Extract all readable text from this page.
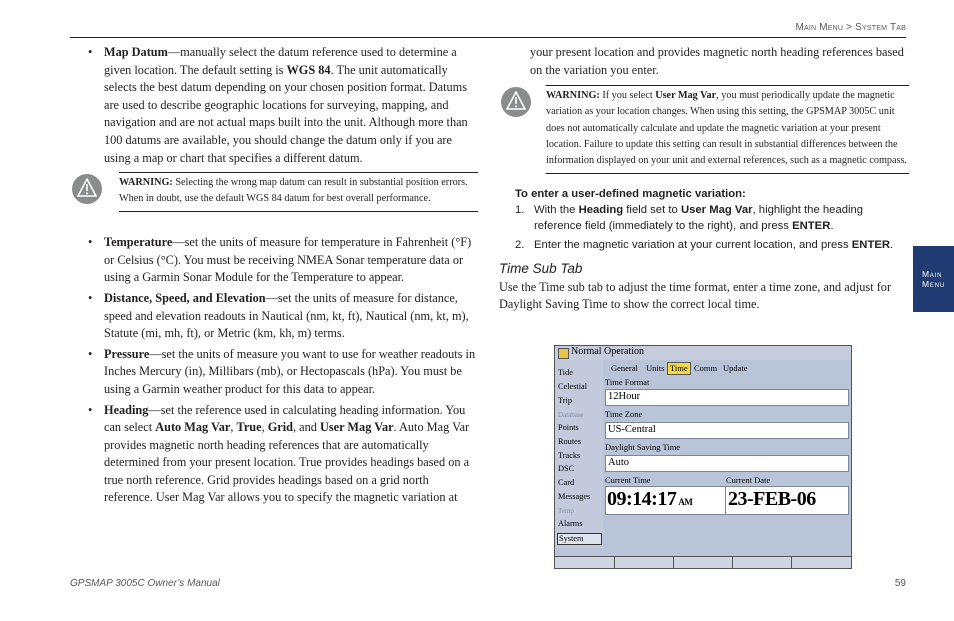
Main Menu > System Tab
• Map Datum—manually select the datum reference used to determine a given location. The default setting is WGS 84. The unit automatically selects the best datum depending on your chosen position format. Datums are used to describe geographic locations for surveying, mapping, and navigation and are not actual maps built into the unit. Although more than 100 datums are available, you should change the datum only if you are using a map or chart that specifies a different datum.
WARNING: Selecting the wrong map datum can result in substantial position errors. When in doubt, use the default WGS 84 datum for best overall performance.
• Temperature—set the units of measure for temperature in Fahrenheit (°F) or Celsius (°C). You must be receiving NMEA Sonar temperature data or using a Garmin Sonar Module for the Temperature to appear.
• Distance, Speed, and Elevation—set the units of measure for distance, speed and elevation readouts in Nautical (nm, kt, ft), Nautical (nm, kt, m), Statute (mi, mh, ft), or Metric (km, kh, m) terms.
• Pressure—set the units of measure you want to use for weather readouts in Inches Mercury (in), Millibars (mb), or Hectopascals (hPa). You must be using a Garmin weather product for this data to appear.
• Heading—set the reference used in calculating heading information. You can select Auto Mag Var, True, Grid, and User Mag Var. Auto Mag Var provides magnetic north heading references that are automatically determined from your present location. True provides headings based on a true north reference. Grid provides headings based on a grid north reference. User Mag Var allows you to specify the magnetic variation at
your present location and provides magnetic north heading references based on the variation you enter.
WARNING: If you select User Mag Var, you must periodically update the magnetic variation as your location changes. When using this setting, the GPSMAP 3005C unit does not automatically calculate and update the magnetic variation at your present location. Failure to update this setting can result in substantial differences between the information displayed on your unit and external references, such as a magnetic compass.
To enter a user-defined magnetic variation:
1. With the Heading field set to User Mag Var, highlight the heading reference field (immediately to the right), and press ENTER.
2. Enter the magnetic variation at your current location, and press ENTER.
Time Sub Tab
Use the Time sub tab to adjust the time format, enter a time zone, and adjust for Daylight Saving Time to show the correct local time.
Normal Operation
Tide
Celestial
Trip
Database
Points
Routes
Tracks
DSC
Card
Messages
Temp
Alarms
System
General Units Time Comm Update
Time Format
12Hour
Time Zone
US-Central
Daylight Saving Time
Auto
Current Time	Current Date
09:14:17 AM 23-FEB-06
Main
Menu
GPSMAP 3005C Owner’s Manual	59
